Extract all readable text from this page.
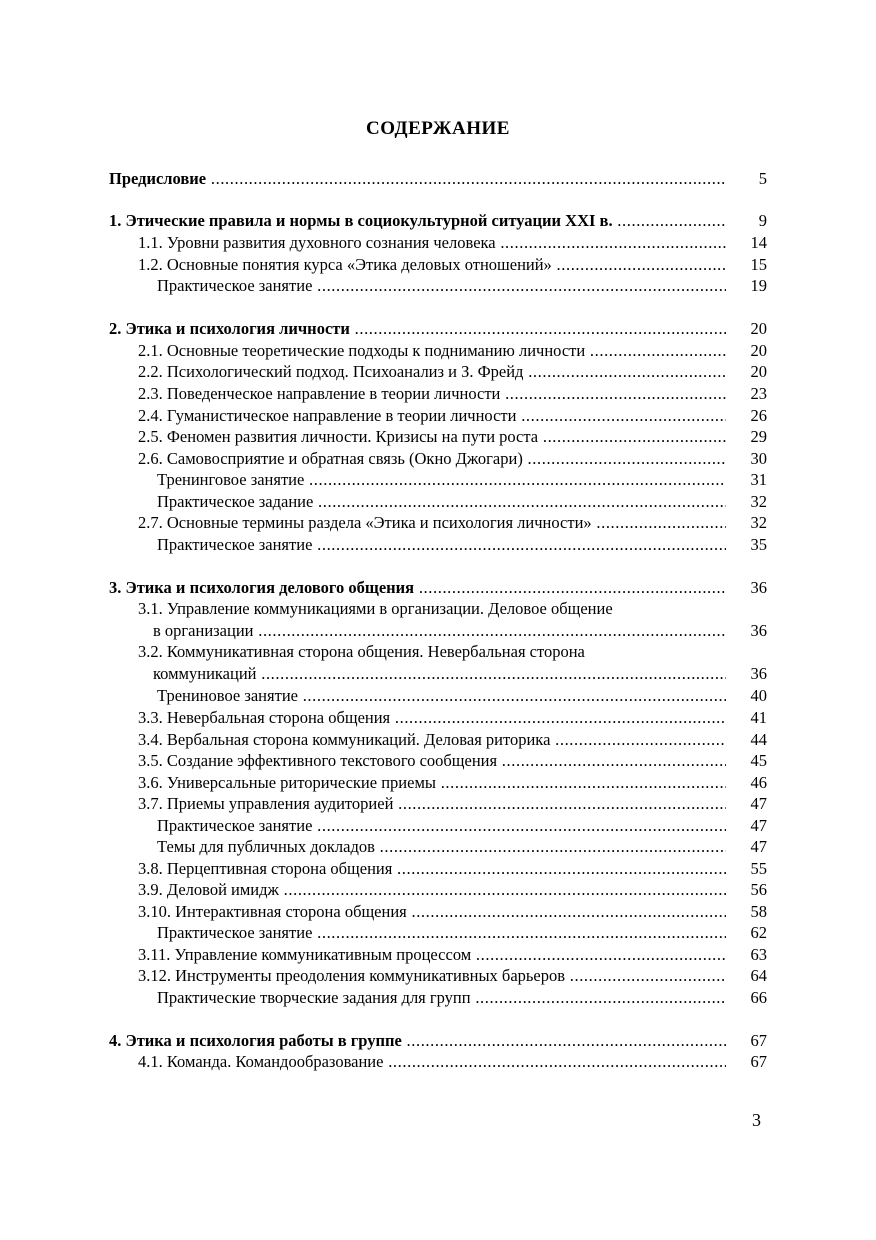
СОДЕРЖАНИЕ
Предисловие .....	5
1. Этические правила и нормы в социокультурной ситуации XXI в. .....	9
1.1. Уровни развития духовного сознания человека .....	14
1.2. Основные понятия курса «Этика деловых отношений» .....	15
Практическое занятие .....	19
2. Этика и психология личности .....	20
2.1. Основные теоретические подходы к подниманию личности .....	20
2.2. Психологический подход. Психоанализ и З. Фрейд .....	20
2.3. Поведенческое направление в теории личности .....	23
2.4. Гуманистическое направление в теории личности .....	26
2.5. Феномен развития личности. Кризисы на пути роста .....	29
2.6. Самовосприятие и обратная связь (Окно Джогари) .....	30
Тренинговое занятие .....	31
Практическое задание .....	32
2.7. Основные термины раздела «Этика и психология личности» .....	32
Практическое занятие .....	35
3. Этика и психология делового общения .....	36
3.1. Управление коммуникациями в организации. Деловое общение
в организации .....	36
3.2. Коммуникативная сторона общения. Невербальная сторона
коммуникаций .....	36
Трениновое занятие .....	40
3.3. Невербальная сторона общения .....	41
3.4. Вербальная сторона коммуникаций. Деловая риторика .....	44
3.5. Создание эффективного текстового сообщения .....	45
3.6. Универсальные риторические приемы .....	46
3.7. Приемы управления аудиторией .....	47
Практическое занятие .....	47
Темы для публичных докладов .....	47
3.8. Перцептивная сторона общения .....	55
3.9. Деловой имидж .....	56
3.10. Интерактивная сторона общения .....	58
Практическое занятие .....	62
3.11. Управление коммуникативным процессом .....	63
3.12. Инструменты преодоления коммуникативных барьеров .....	64
Практические творческие задания для групп .....	66
4. Этика и психология работы в группе .....	67
4.1. Команда. Командообразование .....	67
3
